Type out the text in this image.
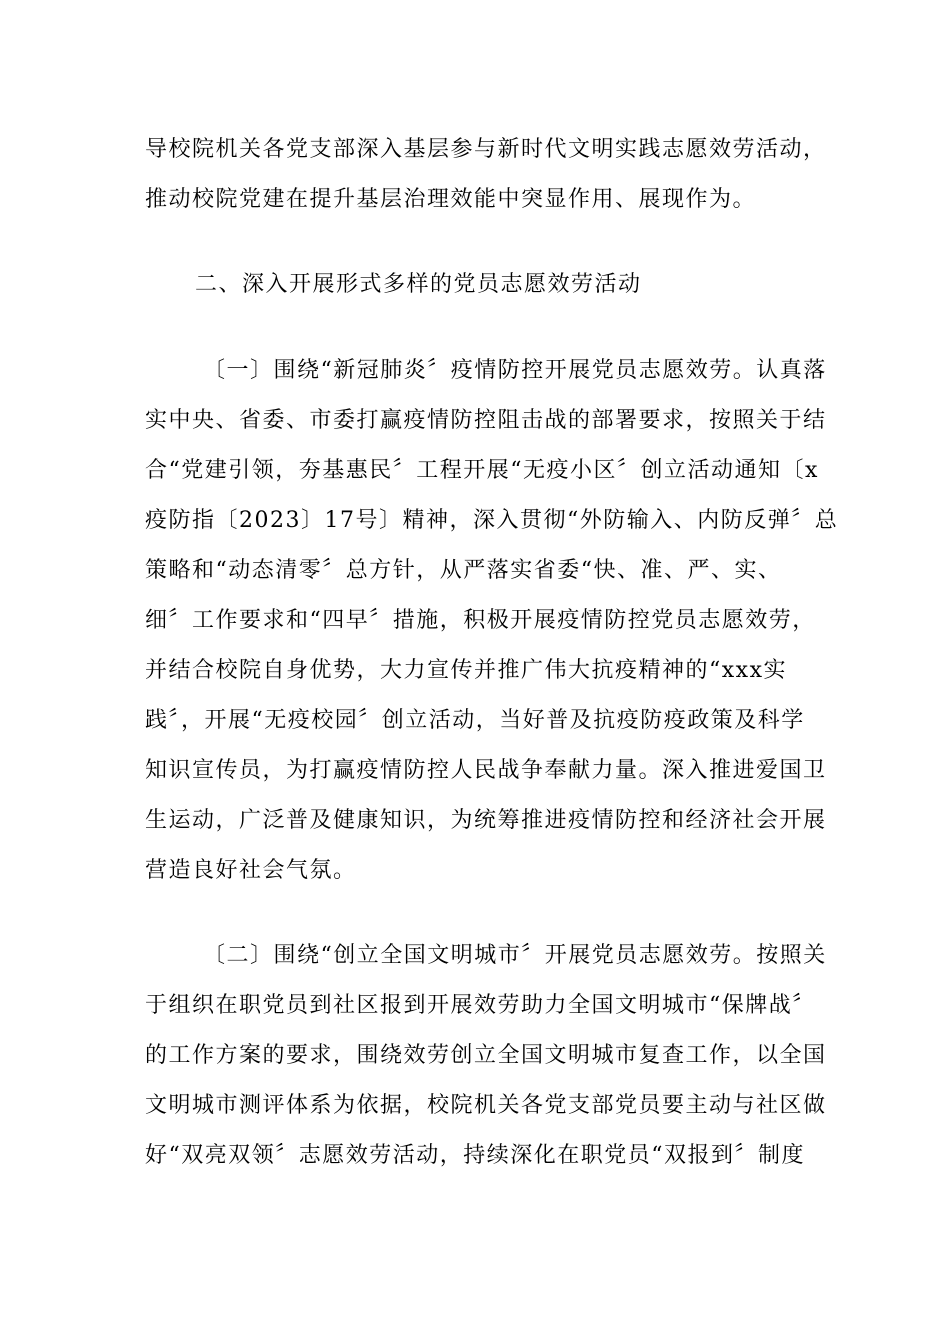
导校院机关各党支部深入基层参与新时代文明实践志愿效劳活动，
推动校院党建在提升基层治理效能中突显作用、展现作为。
二、深入开展形式多样的党员志愿效劳活动
〔一〕围绕“新冠肺炎〞疫情防控开展党员志愿效劳。认真落
实中央、省委、市委打赢疫情防控阻击战的部署要求，按照关于结
合“党建引领，夯基惠民〞工程开展“无疫小区〞创立活动通知〔x
疫防指〔2023〕17号〕精神，深入贯彻“外防输入、内防反弹〞总
策略和“动态清零〞总方针，从严落实省委“快、准、严、实、
细〞工作要求和“四早〞措施，积极开展疫情防控党员志愿效劳，
并结合校院自身优势，大力宣传并推广伟大抗疫精神的“xxx实
践〞，开展“无疫校园〞创立活动，当好普及抗疫防疫政策及科学
知识宣传员，为打赢疫情防控人民战争奉献力量。深入推进爱国卫
生运动，广泛普及健康知识，为统筹推进疫情防控和经济社会开展
营造良好社会气氛。
〔二〕围绕“创立全国文明城市〞开展党员志愿效劳。按照关
于组织在职党员到社区报到开展效劳助力全国文明城市“保牌战〞
的工作方案的要求，围绕效劳创立全国文明城市复查工作，以全国
文明城市测评体系为依据，校院机关各党支部党员要主动与社区做
好“双亮双领〞志愿效劳活动，持续深化在职党员“双报到〞制度
